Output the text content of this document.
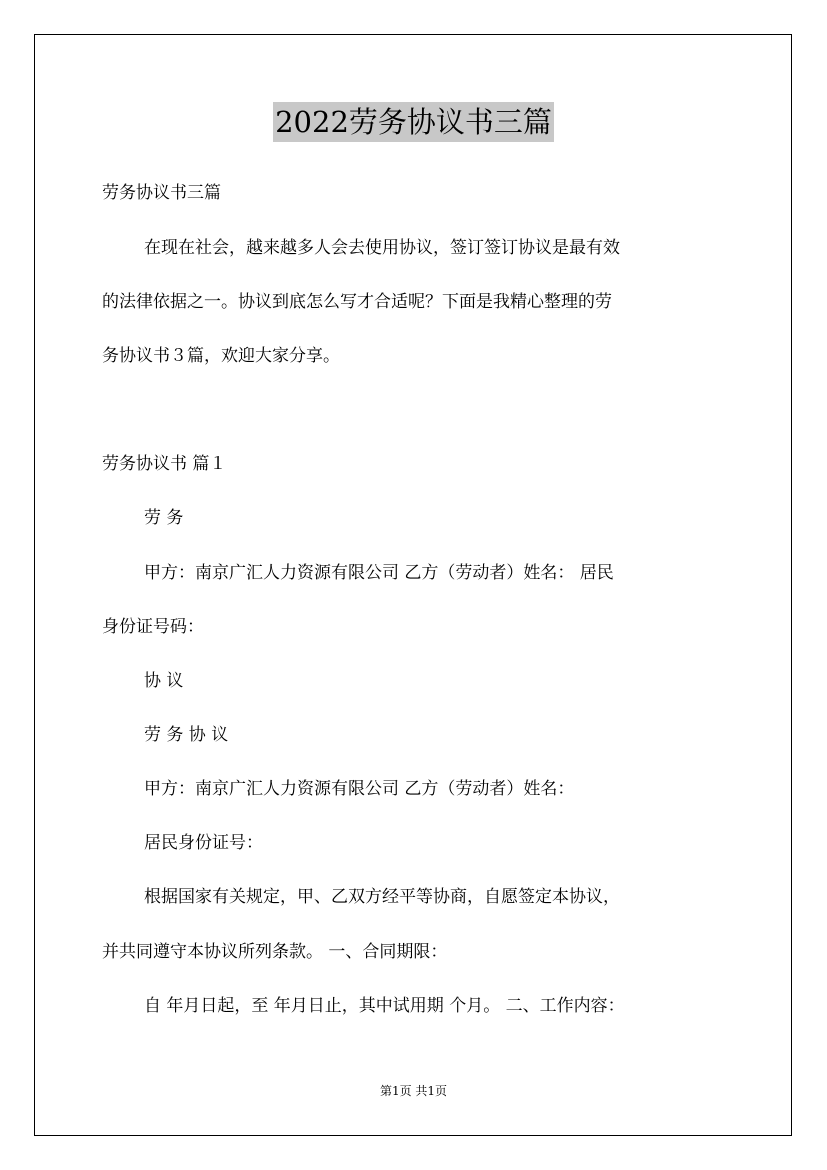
2022劳务协议书三篇
劳务协议书三篇
在现在社会，越来越多人会去使用协议，签订签订协议是最有效
的法律依据之一。协议到底怎么写才合适呢？下面是我精心整理的劳
务协议书３篇，欢迎大家分享。
劳务协议书 篇１
劳 务
甲方：南京广汇人力资源有限公司 乙方（劳动者）姓名： 居民
身份证号码：
协 议
劳 务 协 议
甲方：南京广汇人力资源有限公司 乙方（劳动者）姓名：
居民身份证号：
根据国家有关规定，甲、乙双方经平等协商，自愿签定本协议，
并共同遵守本协议所列条款。 一、合同期限：
自 年月日起，至 年月日止，其中试用期 个月。 二、工作内容：
第1页 共1页
